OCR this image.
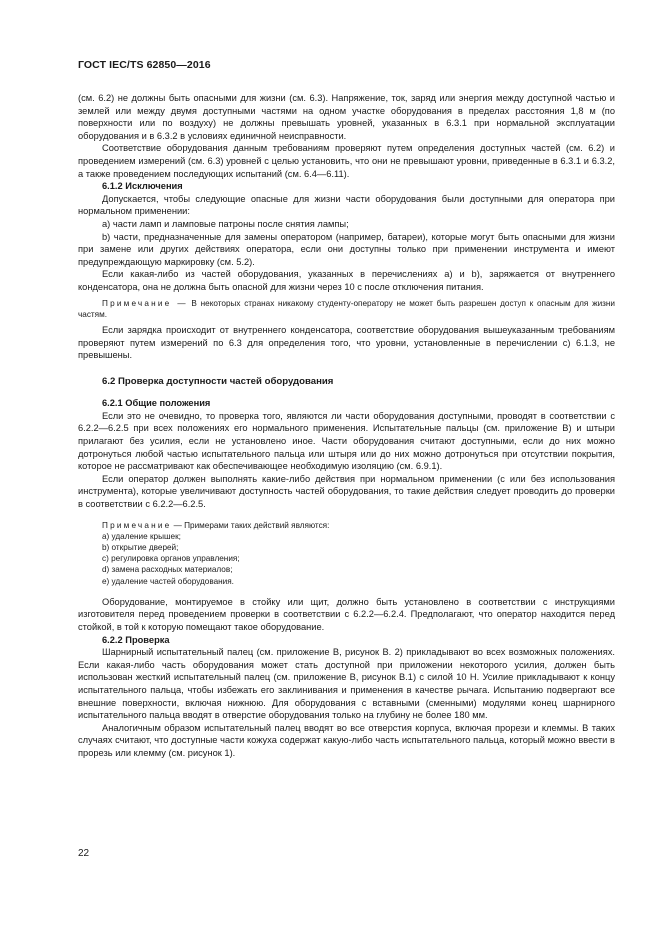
ГОСТ IEC/TS 62850—2016

(см. 6.2) не должны быть опасными для жизни (см. 6.3). Напряжение, ток, заряд или энергия между доступной частью и землей или между двумя доступными частями на одном участке оборудования в пределах расстояния 1,8 м (по поверхности или по воздуху) не должны превышать уровней, указанных в 6.3.1 при нормальной эксплуатации оборудования и в 6.3.2 в условиях единичной неисправности.

Соответствие оборудования данным требованиям проверяют путем определения доступных частей (см. 6.2) и проведением измерений (см. 6.3) уровней с целью установить, что они не превышают уровни, приведенные в 6.3.1 и 6.3.2, а также проведением последующих испытаний (см. 6.4—6.11).

6.1.2 Исключения

Допускается, чтобы следующие опасные для жизни части оборудования были доступными для оператора при нормальном применении:

a) части ламп и ламповые патроны после снятия лампы;

b) части, предназначенные для замены оператором (например, батареи), которые могут быть опасными для жизни при замене или других действиях оператора, если они доступны только при применении инструмента и имеют предупреждающую маркировку (см. 5.2).

Если какая-либо из частей оборудования, указанных в перечислениях a) и b), заряжается от внутреннего конденсатора, она не должна быть опасной для жизни через 10 с после отключения питания.

Примечание — В некоторых странах никакому студенту-оператору не может быть разрешен доступ к опасным для жизни частям.

Если зарядка происходит от внутреннего конденсатора, соответствие оборудования вышеуказанным требованиям проверяют путем измерений по 6.3 для определения того, что уровни, установленные в перечислении c) 6.1.3, не превышены.

6.2 Проверка доступности частей оборудования

6.2.1 Общие положения

Если это не очевидно, то проверка того, являются ли части оборудования доступными, проводят в соответствии с 6.2.2—6.2.5 при всех положениях его нормального применения. Испытательные пальцы (см. приложение B) и штыри прилагают без усилия, если не установлено иное. Части оборудования считают доступными, если до них можно дотронуться любой частью испытательного пальца или штыря или до них можно дотронуться при отсутствии покрытия, которое не рассматривают как обеспечивающее необходимую изоляцию (см. 6.9.1).

Если оператор должен выполнять какие-либо действия при нормальном применении (с или без использования инструмента), которые увеличивают доступность частей оборудования, то такие действия следует проводить до проверки в соответствии с 6.2.2—6.2.5.

Примечание — Примерами таких действий являются:

a) удаление крышек;
b) открытие дверей;
c) регулировка органов управления;
d) замена расходных материалов;
e) удаление частей оборудования.

Оборудование, монтируемое в стойку или щит, должно быть установлено в соответствии с инструкциями изготовителя перед проведением проверки в соответствии с 6.2.2—6.2.4. Предполагают, что оператор находится перед стойкой, в той к которую помещают такое оборудование.

6.2.2 Проверка

Шарнирный испытательный палец (см. приложение B, рисунок B. 2) прикладывают во всех возможных положениях. Если какая-либо часть оборудования может стать доступной при приложении некоторого усилия, должен быть использован жесткий испытательный палец (см. приложение B, рисунок B.1) с силой 10 Н. Усилие прикладывают к концу испытательного пальца, чтобы избежать его заклинивания и применения в качестве рычага. Испытанию подвергают все внешние поверхности, включая нижнюю. Для оборудования с вставными (сменными) модулями конец шарнирного испытательного пальца вводят в отверстие оборудования только на глубину не более 180 мм.

Аналогичным образом испытательный палец вводят во все отверстия корпуса, включая прорези и клеммы. В таких случаях считают, что доступные части кожуха содержат какую-либо часть испытательного пальца, который можно ввести в прорезь или клемму (см. рисунок 1).

22
